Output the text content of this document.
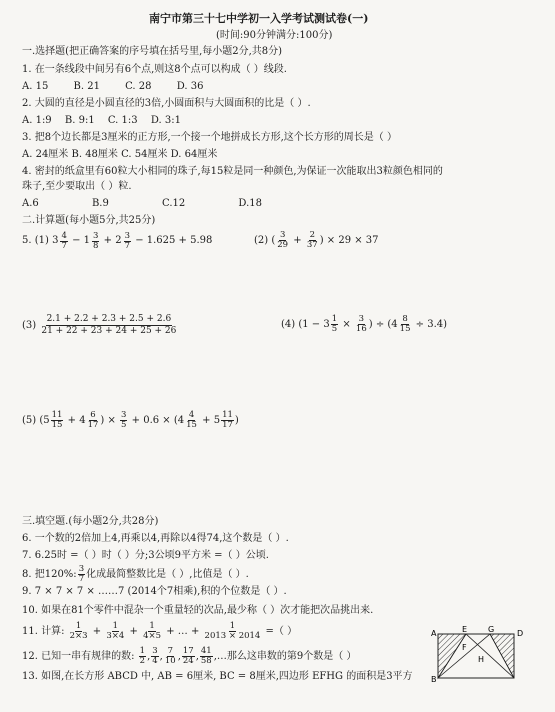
南宁市第三十七中学初一入学考试测试卷(一)
(时间:90分钟满分:100分)
一.选择题(把正确答案的序号填在括号里,每小题2分,共8分)
1. 在一条线段中间另有6个点,则这8个点可以构成（ ）线段.
A. 15	B. 21	C. 28	D. 36
2. 大圆的直径是小圆直径的3倍,小圆面积与大圆面积的比是（ ）.
A. 1:9 B. 9:1 C. 1:3 D. 3:1
3. 把8个边长都是3厘米的正方形,一个接一个地拼成长方形,这个长方形的周长是（ ）
A. 24厘米 B. 48厘米 C. 54厘米 D. 64厘米
4. 密封的纸盒里有60粒大小相同的珠子,每15粒是同一种颜色,为保证一次能取出3粒颜色相同的
珠子,至少要取出（ ）粒.
A.6	B.9	C.12	D.18
二.计算题(每小题5分,共25分)
5. (1) $3 \frac{4}{7} - 1 \frac{3}{8} + 2 \frac{3}{7} - 1.625 + 5.98$	(2) ( $\frac{3}{29} + \frac{2}{37}$ ) × 29 × 37
$(3) \frac{2.1 + 2.2 + 2.3 + 2.5 + 2.6}{21 + 22 + 23 + 24 + 25 + 26}$	(4) ($1 - 3 \frac{1}{5} \times \frac{3}{16}$ ) ÷ $(4 \frac{8}{15} \div 3.4)$
(5) ($5 \frac{11}{15} + 4 \frac{6}{17}$ ) × $\frac{3}{5} + 0.6 \times (4 \frac{4}{15} + 5 \frac{11}{17}$ )
三.填空题.(每小题2分,共28分)
6. 一个数的2倍加上4,再乘以4,再除以4得74,这个数是（ ）.
7. 6.25时 =（ ）时（ ）分;3公顷9平方米 =（ ）公顷.
8. 把120%: $\frac{3}{7}$ 化成最简整数比是（ ）,比值是（ ）.
9. 7 × 7 × 7 × ……7 (2014个7相乘),积的个位数是（ ）.
10. 如果在81个零件中混杂一个重量轻的次品,最少称（ ）次才能把次品挑出来.
11. 计算: $\frac{1}{2\times 3} + \frac{1}{3\times 4} + \frac{1}{4\times 5}$ + … + $\frac{1}{2013 \times 2014}$ =（ ）
12. 已知一串有规律的数: $\frac{1}{2}$ , $\frac{3}{4}$ , $\frac{7}{10}$ , $\frac{17}{24}$ , $\frac{41}{58}$ ,…那么这串数的第9个数是（ ）
13. 如图,在长方形 ABCD 中, AB = 6厘米, BC = 8厘米,四边形 EFHG 的面积是3平方
A	E	G	D
F
H
B
